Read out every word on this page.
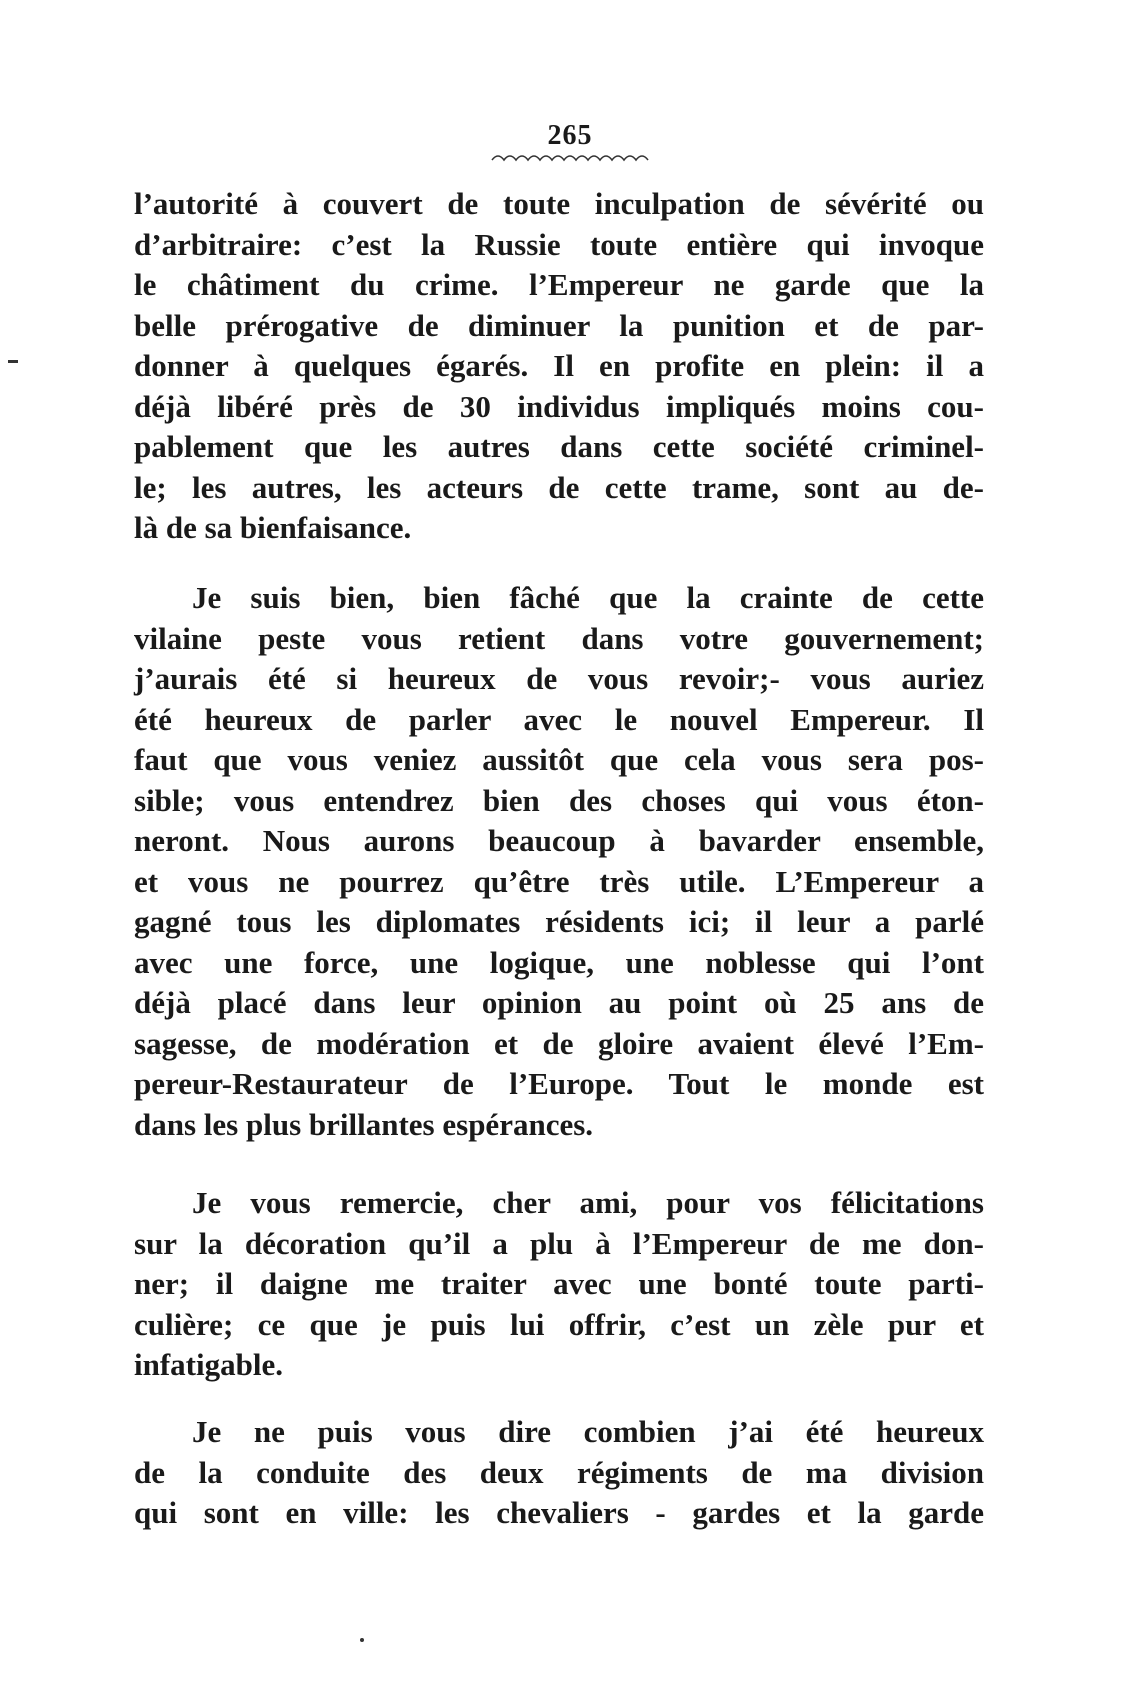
265
l’autorité à couvert de toute inculpation de sévérité ou
d’arbitraire: c’est la Russie toute entière qui invoque
le châtiment du crime. l’Empereur ne garde que la
belle prérogative de diminuer la punition et de par-
donner à quelques égarés. Il en profite en plein: il a
déjà libéré près de 30 individus impliqués moins cou-
pablement que les autres dans cette société criminel-
le; les autres, les acteurs de cette trame, sont au de-
là de sa bienfaisance.
Je suis bien, bien fâché que la crainte de cette
vilaine peste vous retient dans votre gouvernement;
j’aurais été si heureux de vous revoir;- vous auriez
été heureux de parler avec le nouvel Empereur. Il
faut que vous veniez aussitôt que cela vous sera pos-
sible; vous entendrez bien des choses qui vous éton-
neront. Nous aurons beaucoup à bavarder ensemble,
et vous ne pourrez qu’être très utile. L’Empereur a
gagné tous les diplomates résidents ici; il leur a parlé
avec une force, une logique, une noblesse qui l’ont
déjà placé dans leur opinion au point où 25 ans de
sagesse, de modération et de gloire avaient élevé l’Em-
pereur-Restaurateur de l’Europe. Tout le monde est
dans les plus brillantes espérances.
Je vous remercie, cher ami, pour vos félicitations
sur la décoration qu’il a plu à l’Empereur de me don-
ner; il daigne me traiter avec une bonté toute parti-
culière; ce que je puis lui offrir, c’est un zèle pur et
infatigable.
Je ne puis vous dire combien j’ai été heureux
de la conduite des deux régiments de ma division
qui sont en ville: les chevaliers - gardes et la garde
